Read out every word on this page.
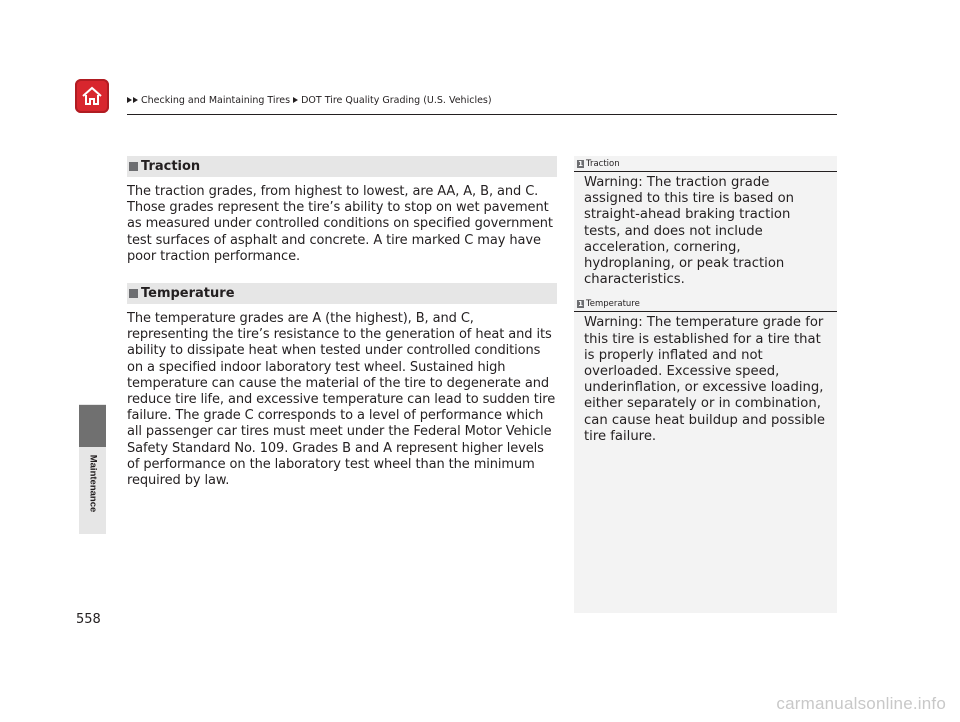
Checking and Maintaining Tires DOT Tire Quality Grading (U.S. Vehicles)
Maintenance
Traction

The traction grades, from highest to lowest, are AA, A, B, and C. Those grades represent the tire’s ability to stop on wet pavement as measured under controlled conditions on specified government test surfaces of asphalt and concrete. A tire marked C may have poor traction performance.

Temperature

The temperature grades are A (the highest), B, and C, representing the tire’s resistance to the generation of heat and its ability to dissipate heat when tested under controlled conditions on a specified indoor laboratory test wheel. Sustained high temperature can cause the material of the tire to degenerate and reduce tire life, and excessive temperature can lead to sudden tire failure. The grade C corresponds to a level of performance which all passenger car tires must meet under the Federal Motor Vehicle Safety Standard No. 109. Grades B and A represent higher levels of performance on the laboratory test wheel than the minimum required by law.

1 Traction

Warning: The traction grade assigned to this tire is based on straight-ahead braking traction tests, and does not include acceleration, cornering, hydroplaning, or peak traction characteristics.

1 Temperature

Warning: The temperature grade for this tire is established for a tire that is properly inflated and not overloaded. Excessive speed, underinflation, or excessive loading, either separately or in combination, can cause heat buildup and possible tire failure.

558
carmanualsonline.info
